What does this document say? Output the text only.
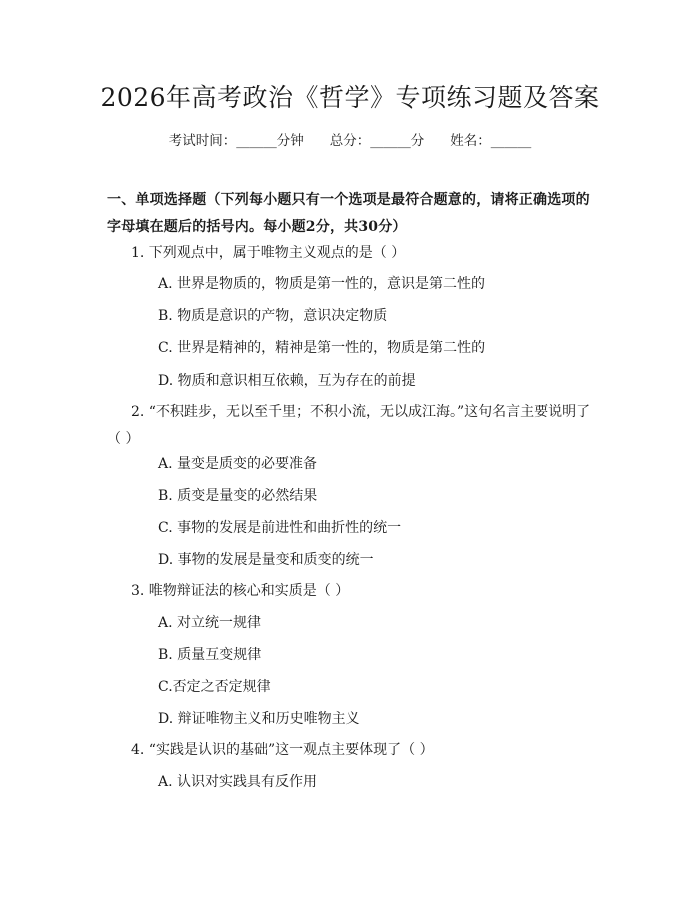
2026年高考政治《哲学》专项练习题及答案
考试时间：______分钟 总分：______分 姓名：______
一、单项选择题（下列每小题只有一个选项是最符合题意的，请将正确选项的字母填在题后的括号内。每小题2分，共30分）
1. 下列观点中，属于唯物主义观点的是（ ）
A. 世界是物质的，物质是第一性的，意识是第二性的
B. 物质是意识的产物，意识决定物质
C. 世界是精神的，精神是第一性的，物质是第二性的
D. 物质和意识相互依赖，互为存在的前提
2. “不积跬步，无以至千里；不积小流，无以成江海。”这句名言主要说明了（ ）
A. 量变是质变的必要准备
B. 质变是量变的必然结果
C. 事物的发展是前进性和曲折性的统一
D. 事物的发展是量变和质变的统一
3. 唯物辩证法的核心和实质是（ ）
A. 对立统一规律
B. 质量互变规律
C.否定之否定规律
D. 辩证唯物主义和历史唯物主义
4. “实践是认识的基础”这一观点主要体现了（ ）
A. 认识对实践具有反作用
